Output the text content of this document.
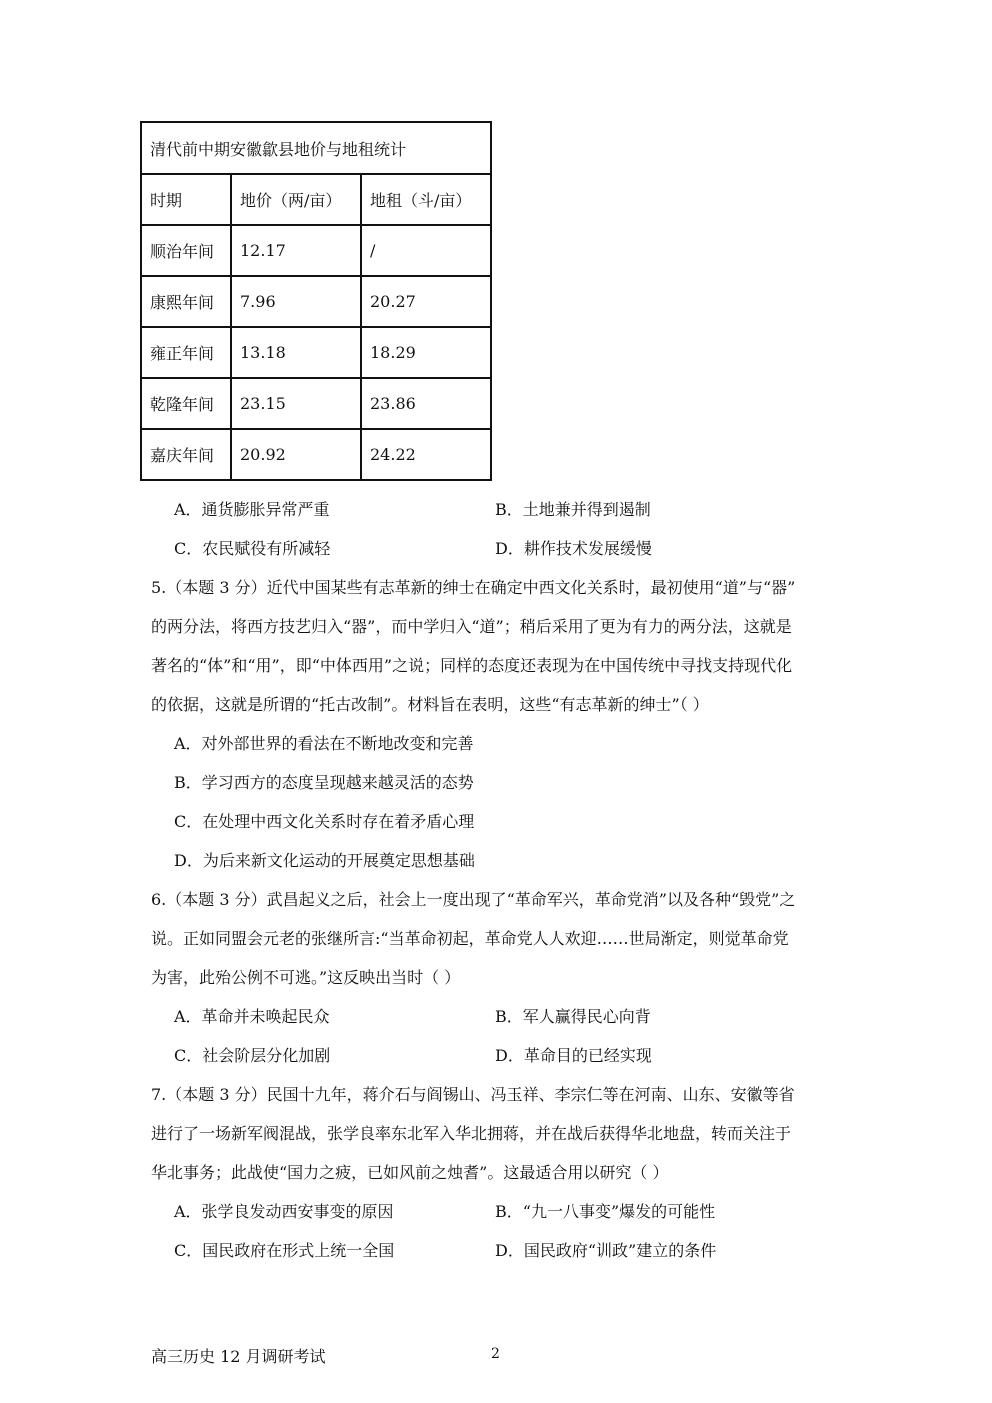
清代前中期安徽歙县地价与地租统计		
时期	地价（两/亩）	地租（斗/亩）
顺治年间	12.17	/
康熙年间	7.96	20.27
雍正年间	13.18	18.29
乾隆年间	23.15	23.86
嘉庆年间	20.92	24.22
A．通货膨胀异常严重	B．土地兼并得到遏制
C．农民赋役有所减轻	D．耕作技术发展缓慢
5.（本题 3 分）近代中国某些有志革新的绅士在确定中西文化关系时，最初使用“道”与“器”
的两分法，将西方技艺归入“器”，而中学归入“道”；稍后采用了更为有力的两分法，这就是
著名的“体”和“用”，即“中体西用”之说；同样的态度还表现为在中国传统中寻找支持现代化
的依据，这就是所谓的“托古改制”。材料旨在表明，这些“有志革新的绅士”（ ）
A．对外部世界的看法在不断地改变和完善
B．学习西方的态度呈现越来越灵活的态势
C．在处理中西文化关系时存在着矛盾心理
D．为后来新文化运动的开展奠定思想基础
6.（本题 3 分）武昌起义之后，社会上一度出现了“革命军兴，革命党消”以及各种“毁党”之
说。正如同盟会元老的张继所言:“当革命初起，革命党人人欢迎……世局渐定，则觉革命党
为害，此殆公例不可逃。”这反映出当时（ ）
A．革命并未唤起民众	B．军人赢得民心向背
C．社会阶层分化加剧	D．革命目的已经实现
7.（本题 3 分）民国十九年，蒋介石与阎锡山、冯玉祥、李宗仁等在河南、山东、安徽等省
进行了一场新军阀混战，张学良率东北军入华北拥蒋，并在战后获得华北地盘，转而关注于
华北事务；此战使“国力之疲，已如风前之烛耆”。这最适合用以研究（ ）
A．张学良发动西安事变的原因	B．“九一八事变”爆发的可能性
C．国民政府在形式上统一全国	D．国民政府“训政”建立的条件
高三历史 12 月调研考试	2
